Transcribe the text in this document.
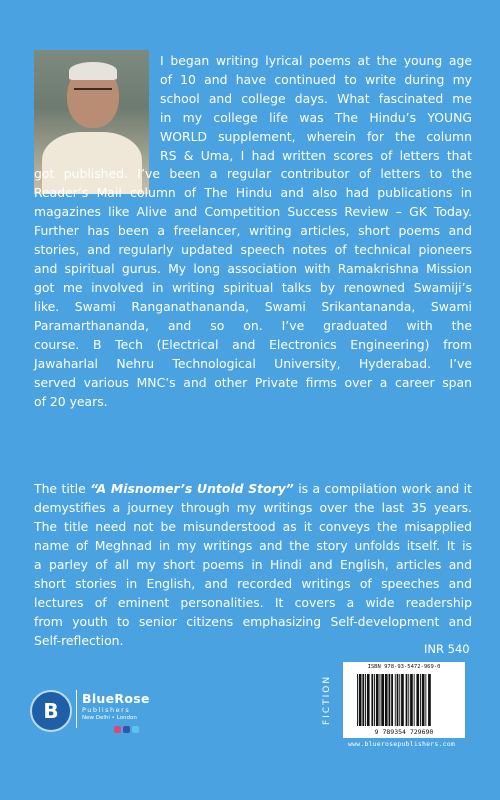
I began writing lyrical poems at the young age
of 10 and have continued to write during my
school and college days. What fascinated me
in my college life was The Hindu’s YOUNG
WORLD supplement, wherein for the column
RS & Uma, I had written scores of letters that
got published. I’ve been a regular contributor of letters to the
Reader’s Mail column of The Hindu and also had publications in
magazines like Alive and Competition Success Review – GK Today.
Further has been a freelancer, writing articles, short poems and
stories, and regularly updated speech notes of technical pioneers
and spiritual gurus. My long association with Ramakrishna Mission
got me involved in writing spiritual talks by renowned Swamiji’s
like. Swami Ranganathananda, Swami Srikantananda, Swami
Paramarthananda, and so on. I’ve graduated with the
course. B Tech (Electrical and Electronics Engineering) from
Jawaharlal Nehru Technological University, Hyderabad. I’ve
served various MNC’s and other Private firms over a career span
of 20 years.
The title “A Misnomer’s Untold Story” is a compilation work and it
demystifies a journey through my writings over the last 35 years.
The title need not be misunderstood as it conveys the misapplied
name of Meghnad in my writings and the story unfolds itself. It is
a parley of all my short poems in Hindi and English, articles and
short stories in English, and recorded writings of speeches and
lectures of eminent personalities. It covers a wide readership
from youth to senior citizens emphasizing Self-development and
Self-reflection.
INR 540
FICTION
ISBN 978-93-5472-969-0
9 789354 729690
www.bluerosepublishers.com
B
BlueRose
Publishers
New Delhi • London
